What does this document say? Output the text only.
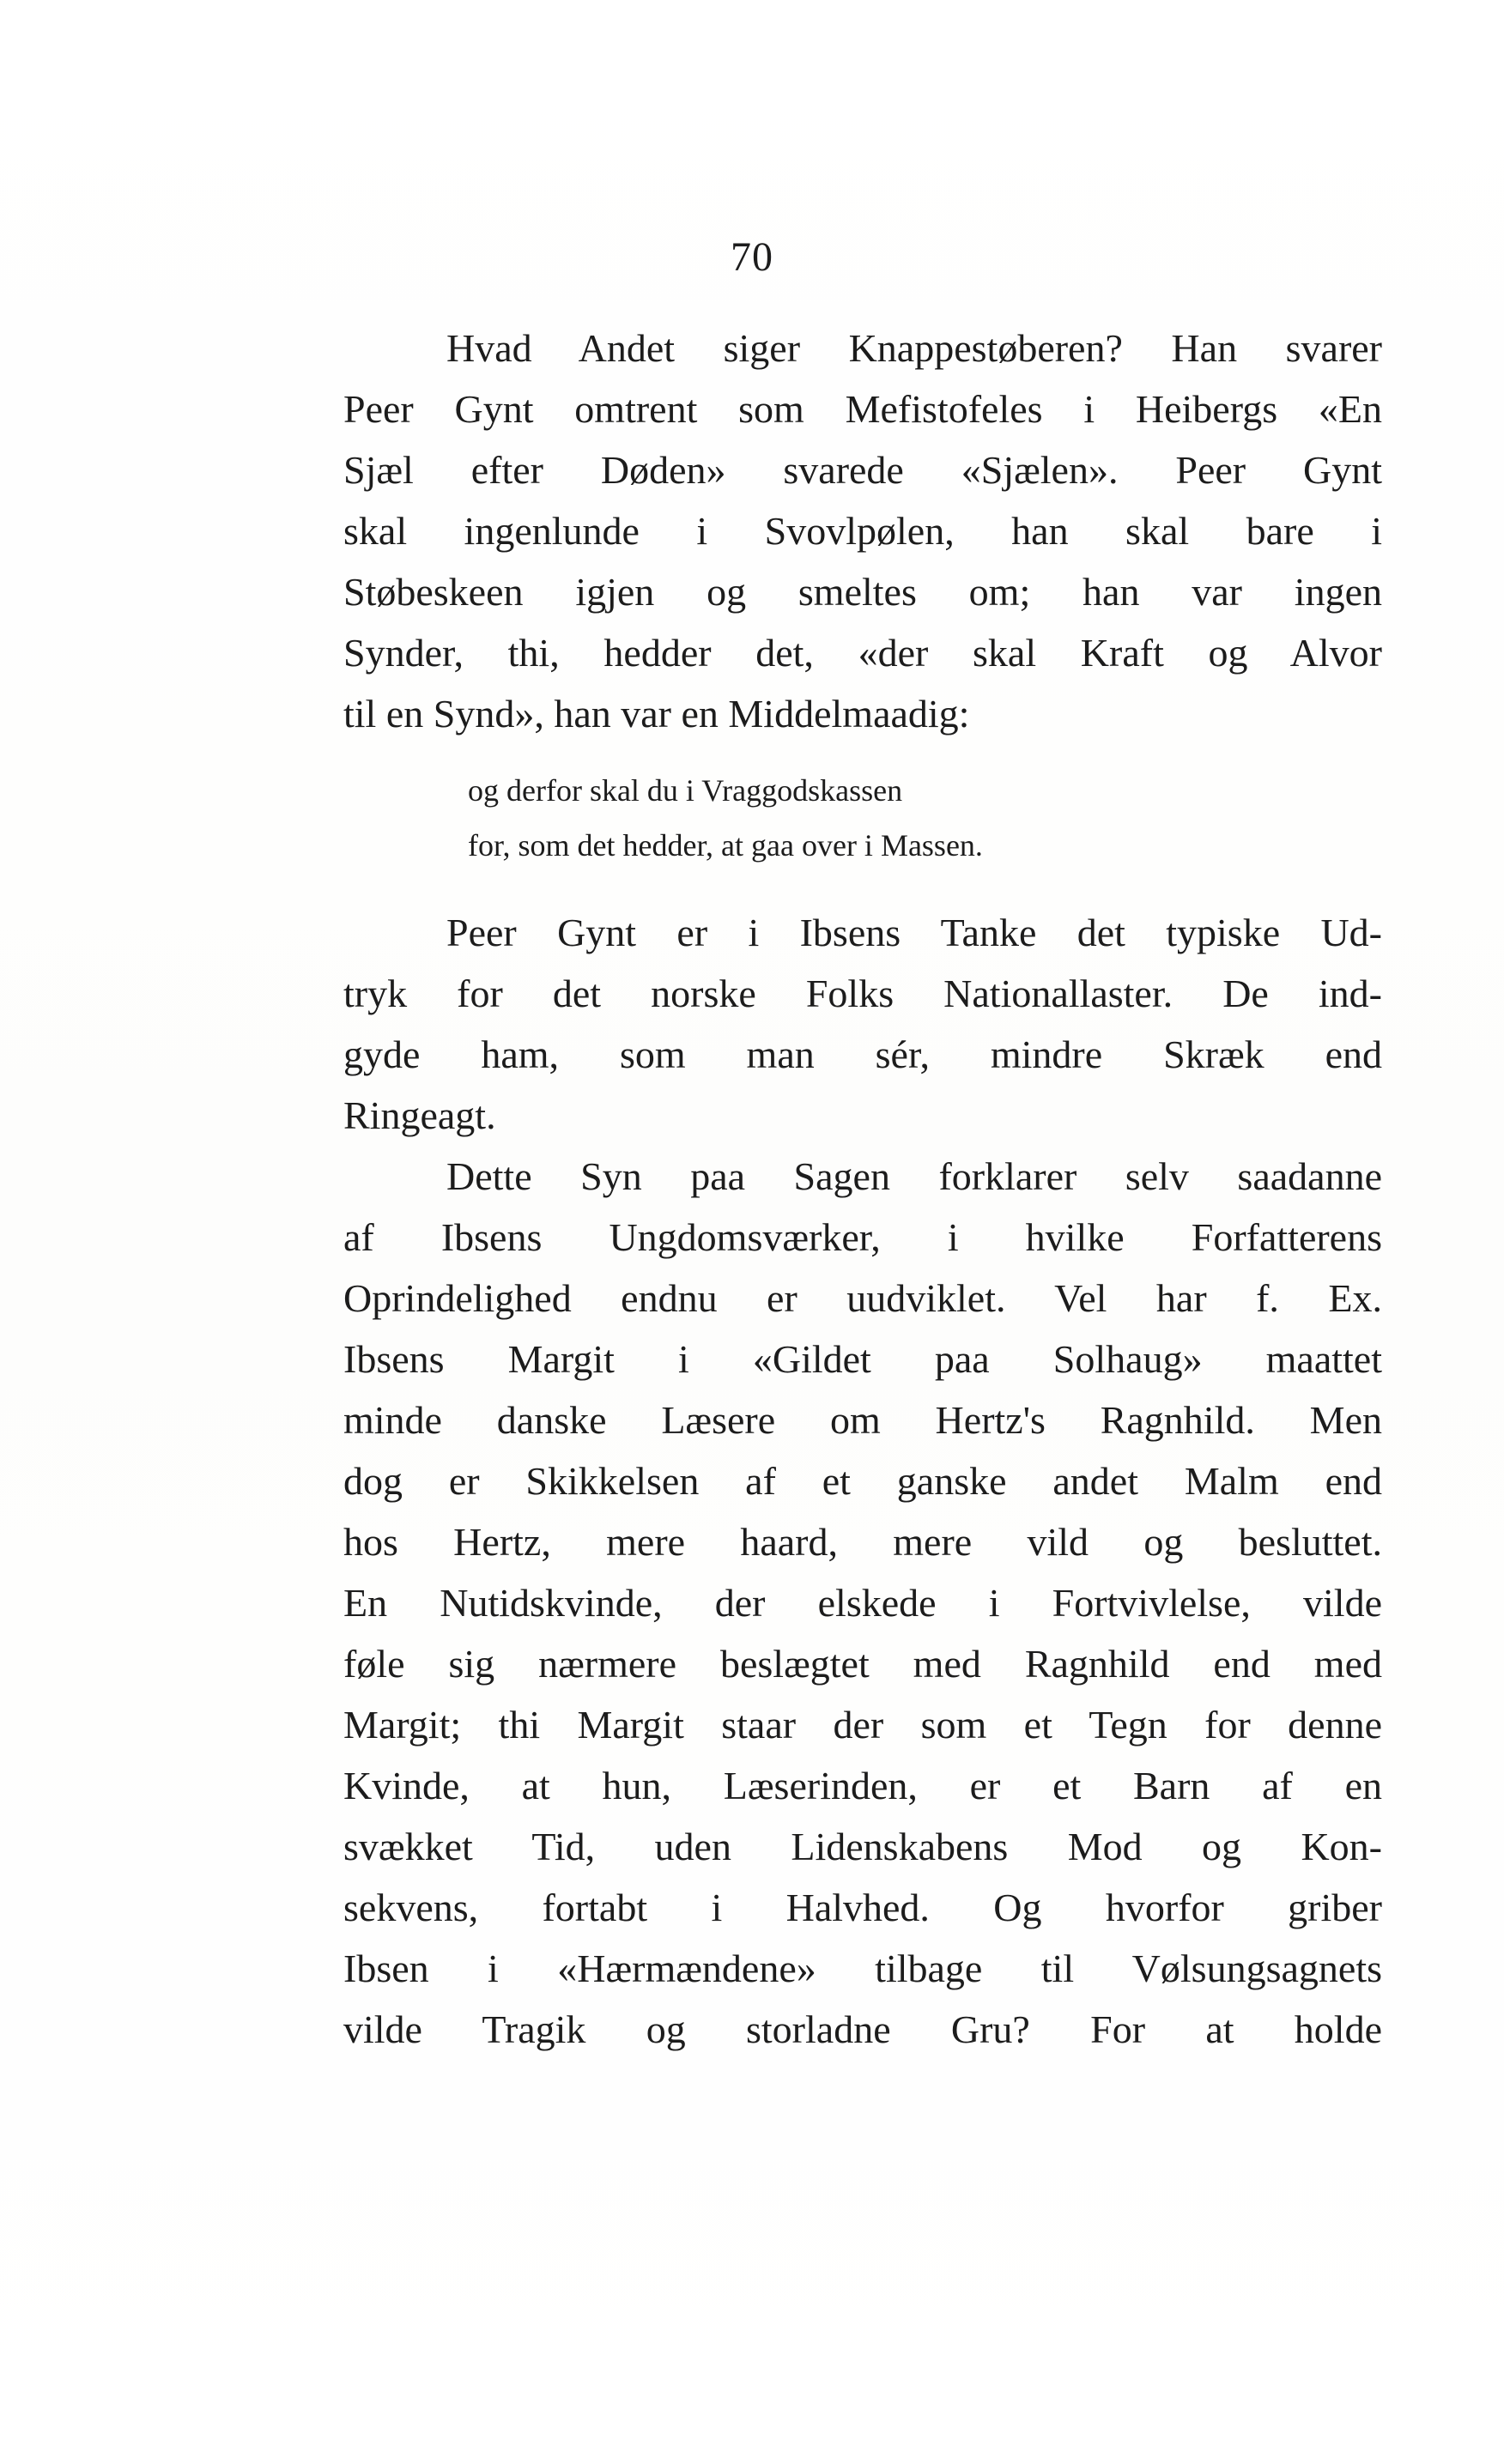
70
Hvad Andet siger Knappestøberen? Han svarer
Peer Gynt omtrent som Mefistofeles i Heibergs «En
Sjæl efter Døden» svarede «Sjælen». Peer Gynt
skal ingenlunde i Svovlpølen, han skal bare i
Støbeskeen igjen og smeltes om; han var ingen
Synder, thi, hedder det, «der skal Kraft og Alvor
til en Synd», han var en Middelmaadig:
og derfor skal du i Vraggodskassen
for, som det hedder, at gaa over i Massen.
Peer Gynt er i Ibsens Tanke det typiske Ud-
tryk for det norske Folks Nationallaster. De ind-
gyde ham, som man sér, mindre Skræk end
Ringeagt.
Dette Syn paa Sagen forklarer selv saadanne
af Ibsens Ungdomsværker, i hvilke Forfatterens
Oprindelighed endnu er uudviklet. Vel har f. Ex.
Ibsens Margit i «Gildet paa Solhaug» maattet
minde danske Læsere om Hertz's Ragnhild. Men
dog er Skikkelsen af et ganske andet Malm end
hos Hertz, mere haard, mere vild og besluttet.
En Nutidskvinde, der elskede i Fortvivlelse, vilde
føle sig nærmere beslægtet med Ragnhild end med
Margit; thi Margit staar der som et Tegn for denne
Kvinde, at hun, Læserinden, er et Barn af en
svækket Tid, uden Lidenskabens Mod og Kon-
sekvens, fortabt i Halvhed. Og hvorfor griber
Ibsen i «Hærmændene» tilbage til Vølsungsagnets
vilde Tragik og storladne Gru? For at holde
